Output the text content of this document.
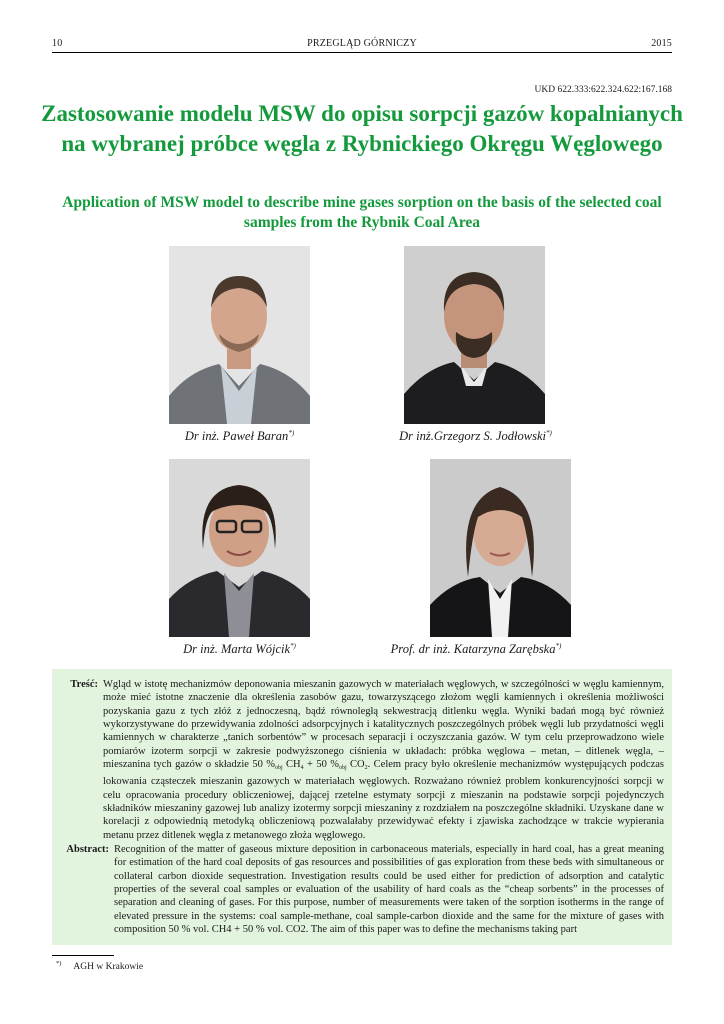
10	PRZEGLĄD GÓRNICZY	2015
UKD 622.333:622.324.622:167.168
Zastosowanie modelu MSW do opisu sorpcji gazów kopalnianych na wybranej próbce węgla z Rybnickiego Okręgu Węglowego
Application of MSW model to describe mine gases sorption on the basis of the selected coal samples from the Rybnik Coal Area
Dr inż. Paweł Baran*)	Dr inż.Grzegorz S. Jodłowski*)
Dr inż. Marta Wójcik*)	Prof. dr inż. Katarzyna Zarębska*)
Treść: Wgląd w istotę mechanizmów deponowania mieszanin gazowych w materiałach węglowych, w szczególności w węglu kamiennym, może mieć istotne znaczenie dla określenia zasobów gazu, towarzyszącego złożom węgli kamiennych i określenia możliwości pozyskania gazu z tych złóż z jednoczesną, bądź równoległą sekwestracją ditlenku węgla. Wyniki badań mogą być również wykorzystywane do przewidywania zdolności adsorpcyjnych i katalitycznych poszczególnych próbek węgli lub przydatności węgli kamiennych w charakterze „tanich sorbentów” w procesach separacji i oczyszczania gazów. W tym celu przeprowadzono wiele pomiarów izoterm sorpcji w zakresie podwyższonego ciśnienia w układach: próbka węglowa – metan, – ditlenek węgla, – mieszanina tych gazów o składzie 50 $\%_{obj}$ $CH_4 + 50$ $\%_{obj}$ $CO_2$. Celem pracy było określenie mechanizmów występujących podczas lokowania cząsteczek mieszanin gazowych w materiałach węglowych. Rozważano również problem konkurencyjności sorpcji w celu opracowania procedury obliczeniowej, dającej rzetelne estymaty sorpcji z mieszanin na podstawie sorpcji pojedynczych składników mieszaniny gazowej lub analizy izotermy sorpcji mieszaniny z rozdziałem na poszczególne składniki. Uzyskane dane w korelacji z odpowiednią metodyką obliczeniową pozwalałaby przewidywać efekty i zjawiska zachodzące w trakcie wypierania metanu przez ditlenek węgla z metanowego złoża węglowego.

Abstract: Recognition of the matter of gaseous mixture deposition in carbonaceous materials, especially in hard coal, has a great meaning for estimation of the hard coal deposits of gas resources and possibilities of gas exploration from these beds with simultaneous or collateral carbon dioxide sequestration. Investigation results could be used either for prediction of adsorption and catalytic properties of the several coal samples or evaluation of the usability of hard coals as the “cheap sorbents” in the processes of separation and cleaning of gases. For this purpose, number of measurements were taken of the sorption isotherms in the range of elevated pressure in the systems: coal sample-methane, coal sample-carbon dioxide and the same for the mixture of gases with composition 50 % vol. CH4 + 50 % vol. CO2. The aim of this paper was to define the mechanisms taking part

*) AGH w Krakowie
